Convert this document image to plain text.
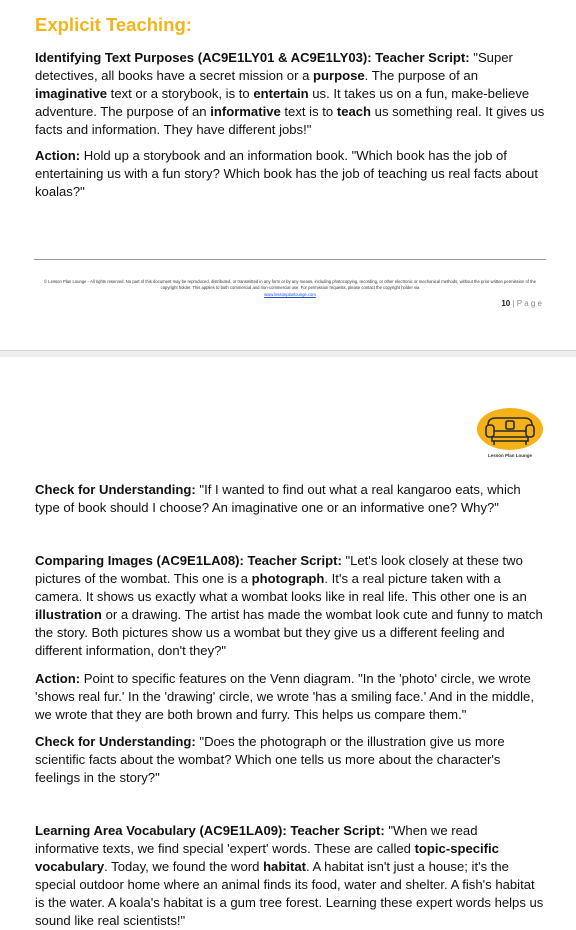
Explicit Teaching:

Identifying Text Purposes (AC9E1LY01 & AC9E1LY03): Teacher Script: "Super detectives, all books have a secret mission or a purpose. The purpose of an imaginative text or a storybook, is to entertain us. It takes us on a fun, make-believe adventure. The purpose of an informative text is to teach us something real. It gives us facts and information. They have different jobs!"

Action: Hold up a storybook and an information book. "Which book has the job of entertaining us with a fun story? Which book has the job of teaching us real facts about koalas?"

© Lesson Plan Lounge - All rights reserved. No part of this document may be reproduced, distributed, or transmitted in any form or by any means, including photocopying, recording, or other electronic or mechanical methods, without the prior written permission of the copyright holder. This applies to both commercial and non-commercial use. For permission requests, please contact the copyright holder via
www.lessonplanlounge.com
10 | P a g e
Lesson Plan Lounge

Check for Understanding: "If I wanted to find out what a real kangaroo eats, which type of book should I choose? An imaginative one or an informative one? Why?"

Comparing Images (AC9E1LA08): Teacher Script: "Let's look closely at these two pictures of the wombat. This one is a photograph. It's a real picture taken with a camera. It shows us exactly what a wombat looks like in real life. This other one is an illustration or a drawing. The artist has made the wombat look cute and funny to match the story. Both pictures show us a wombat but they give us a different feeling and different information, don't they?"

Action: Point to specific features on the Venn diagram. "In the 'photo' circle, we wrote 'shows real fur.' In the 'drawing' circle, we wrote 'has a smiling face.' And in the middle, we wrote that they are both brown and furry. This helps us compare them."

Check for Understanding: "Does the photograph or the illustration give us more scientific facts about the wombat? Which one tells us more about the character's feelings in the story?"

Learning Area Vocabulary (AC9E1LA09): Teacher Script: "When we read informative texts, we find special 'expert' words. These are called topic-specific vocabulary. Today, we found the word habitat. A habitat isn't just a house; it's the special outdoor home where an animal finds its food, water and shelter. A fish's habitat is the water. A koala's habitat is a gum tree forest. Learning these expert words helps us sound like real scientists!"
